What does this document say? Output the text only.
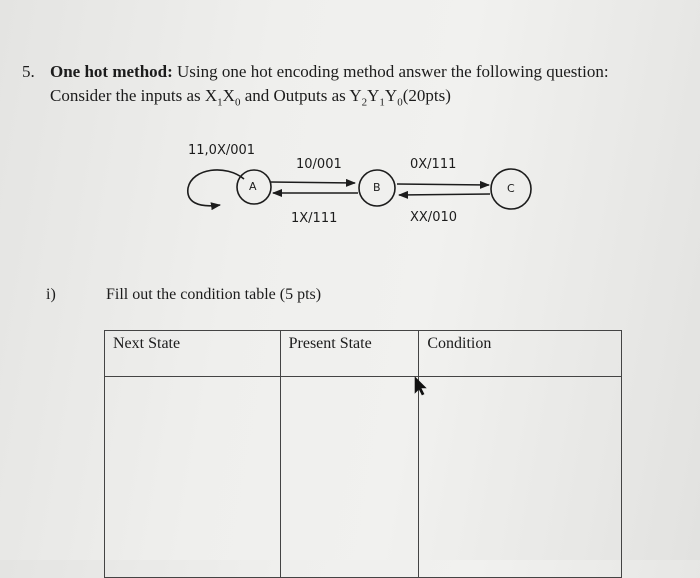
5. One hot method: Using one hot encoding method answer the following question:
Consider the inputs as $X_1X_0$ and Outputs as $Y_2Y_1Y_0(20pts)$
A	B	C
11,0X/001
10/001
1X/111
0X/111
XX/010
i)	Fill out the condition table (5 pts)
Next State	Present State	Condition
